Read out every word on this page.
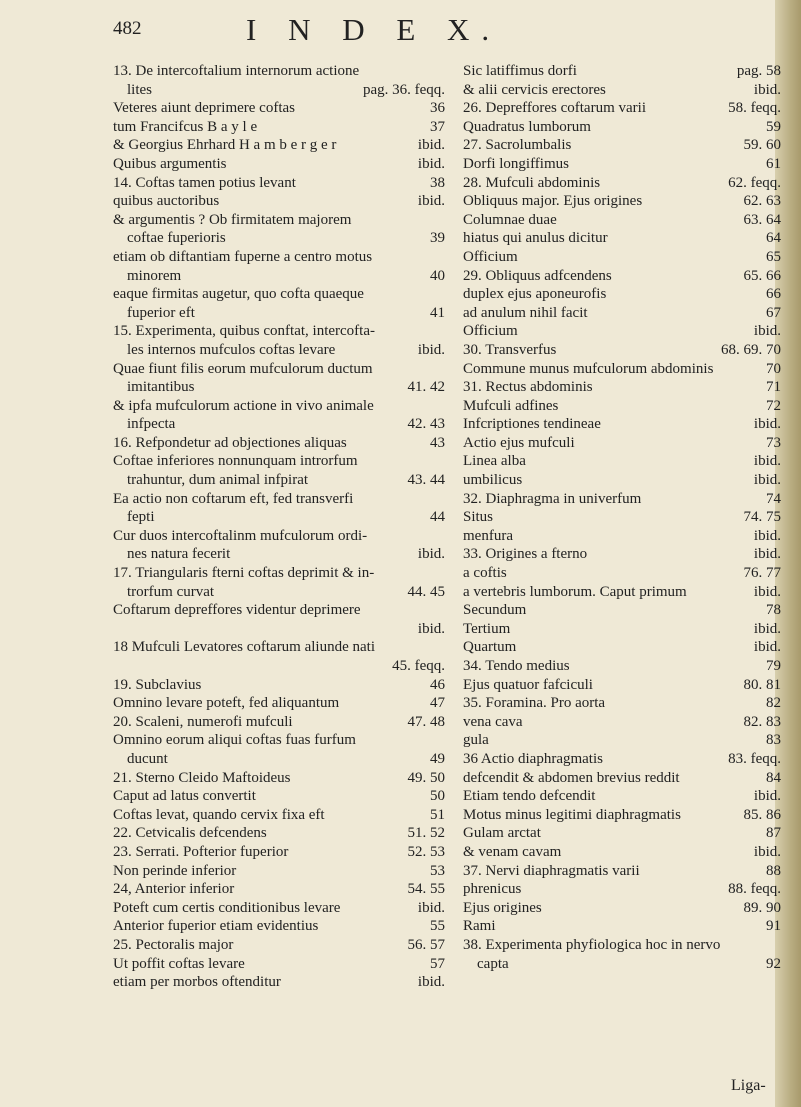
482	I N D E X.
13. De intercoftalium internorum actione
lites	pag. 36. feqq.
Veteres aiunt deprimere coftas	36
tum Francifcus B a y l e	37
& Georgius Ehrhard H a m b e r g e r	ibid.
Quibus argumentis	ibid.
14. Coftas tamen potius levant	38
quibus auctoribus	ibid.
& argumentis ? Ob firmitatem majorem
coftae fuperioris	39
etiam ob diftantiam fuperne a centro motus
minorem	40
eaque firmitas augetur, quo cofta quaeque
fuperior eft	41
15. Experimenta, quibus conftat, intercofta-
les internos mufculos coftas levare	ibid.
Quae fiunt filis eorum mufculorum ductum
imitantibus	41. 42
& ipfa mufculorum actione in vivo animale
infpecta	42. 43
16. Refpondetur ad objectiones aliquas	43
Coftae inferiores nonnunquam introrfum
trahuntur, dum animal infpirat	43. 44
Ea actio non coftarum eft, fed transverfi
fepti	44
Cur duos intercoftalinm mufculorum ordi-
nes natura fecerit	ibid.
17. Triangularis fterni coftas deprimit & in-
trorfum curvat	44. 45
Coftarum depreffores videntur deprimere
ibid.
18 Mufculi Levatores coftarum aliunde nati
45. feqq.
19. Subclavius	46
Omnino levare poteft, fed aliquantum	47
20. Scaleni, numerofi mufculi	47. 48
Omnino eorum aliqui coftas fuas furfum
ducunt	49
21. Sterno Cleido Maftoideus	49. 50
Caput ad latus convertit	50
Coftas levat, quando cervix fixa eft	51
22. Cetvicalis defcendens	51. 52
23. Serrati. Pofterior fuperior	52. 53
Non perinde inferior	53
24, Anterior inferior	54. 55
Poteft cum certis conditionibus levare	ibid.
Anterior fuperior etiam evidentius	55
25. Pectoralis major	56. 57
Ut poffit coftas levare	57
etiam per morbos oftenditur	ibid.
Sic latiffimus dorfi	pag. 58
& alii cervicis erectores	ibid.
26. Depreffores coftarum varii	58. feqq.
Quadratus lumborum	59
27. Sacrolumbalis	59. 60
Dorfi longiffimus	61
28. Mufculi abdominis	62. feqq.
Obliquus major. Ejus origines	62. 63
Columnae duae	63. 64
hiatus qui anulus dicitur	64
Officium	65
29. Obliquus adfcendens	65. 66
duplex ejus aponeurofis	66
ad anulum nihil facit	67
Officium	ibid.
30. Transverfus	68. 69. 70
Commune munus mufculorum abdominis	70
31. Rectus abdominis	71
Mufculi adfines	72
Infcriptiones tendineae	ibid.
Actio ejus mufculi	73
Linea alba	ibid.
umbilicus	ibid.
32. Diaphragma in univerfum	74
Situs	74. 75
menfura	ibid.
33. Origines a fterno	ibid.
a coftis	76. 77
a vertebris lumborum. Caput primum	ibid.
Secundum	78
Tertium	ibid.
Quartum	ibid.
34. Tendo medius	79
Ejus quatuor fafciculi	80. 81
35. Foramina. Pro aorta	82
vena cava	82. 83
gula	83
36 Actio diaphragmatis	83. feqq.
defcendit & abdomen brevius reddit	84
Etiam tendo defcendit	ibid.
Motus minus legitimi diaphragmatis	85. 86
Gulam arctat	87
& venam cavam	ibid.
37. Nervi diaphragmatis varii	88
phrenicus	88. feqq.
Ejus origines	89. 90
Rami	91
38. Experimenta phyfiologica hoc in nervo
capta	92
Liga-
